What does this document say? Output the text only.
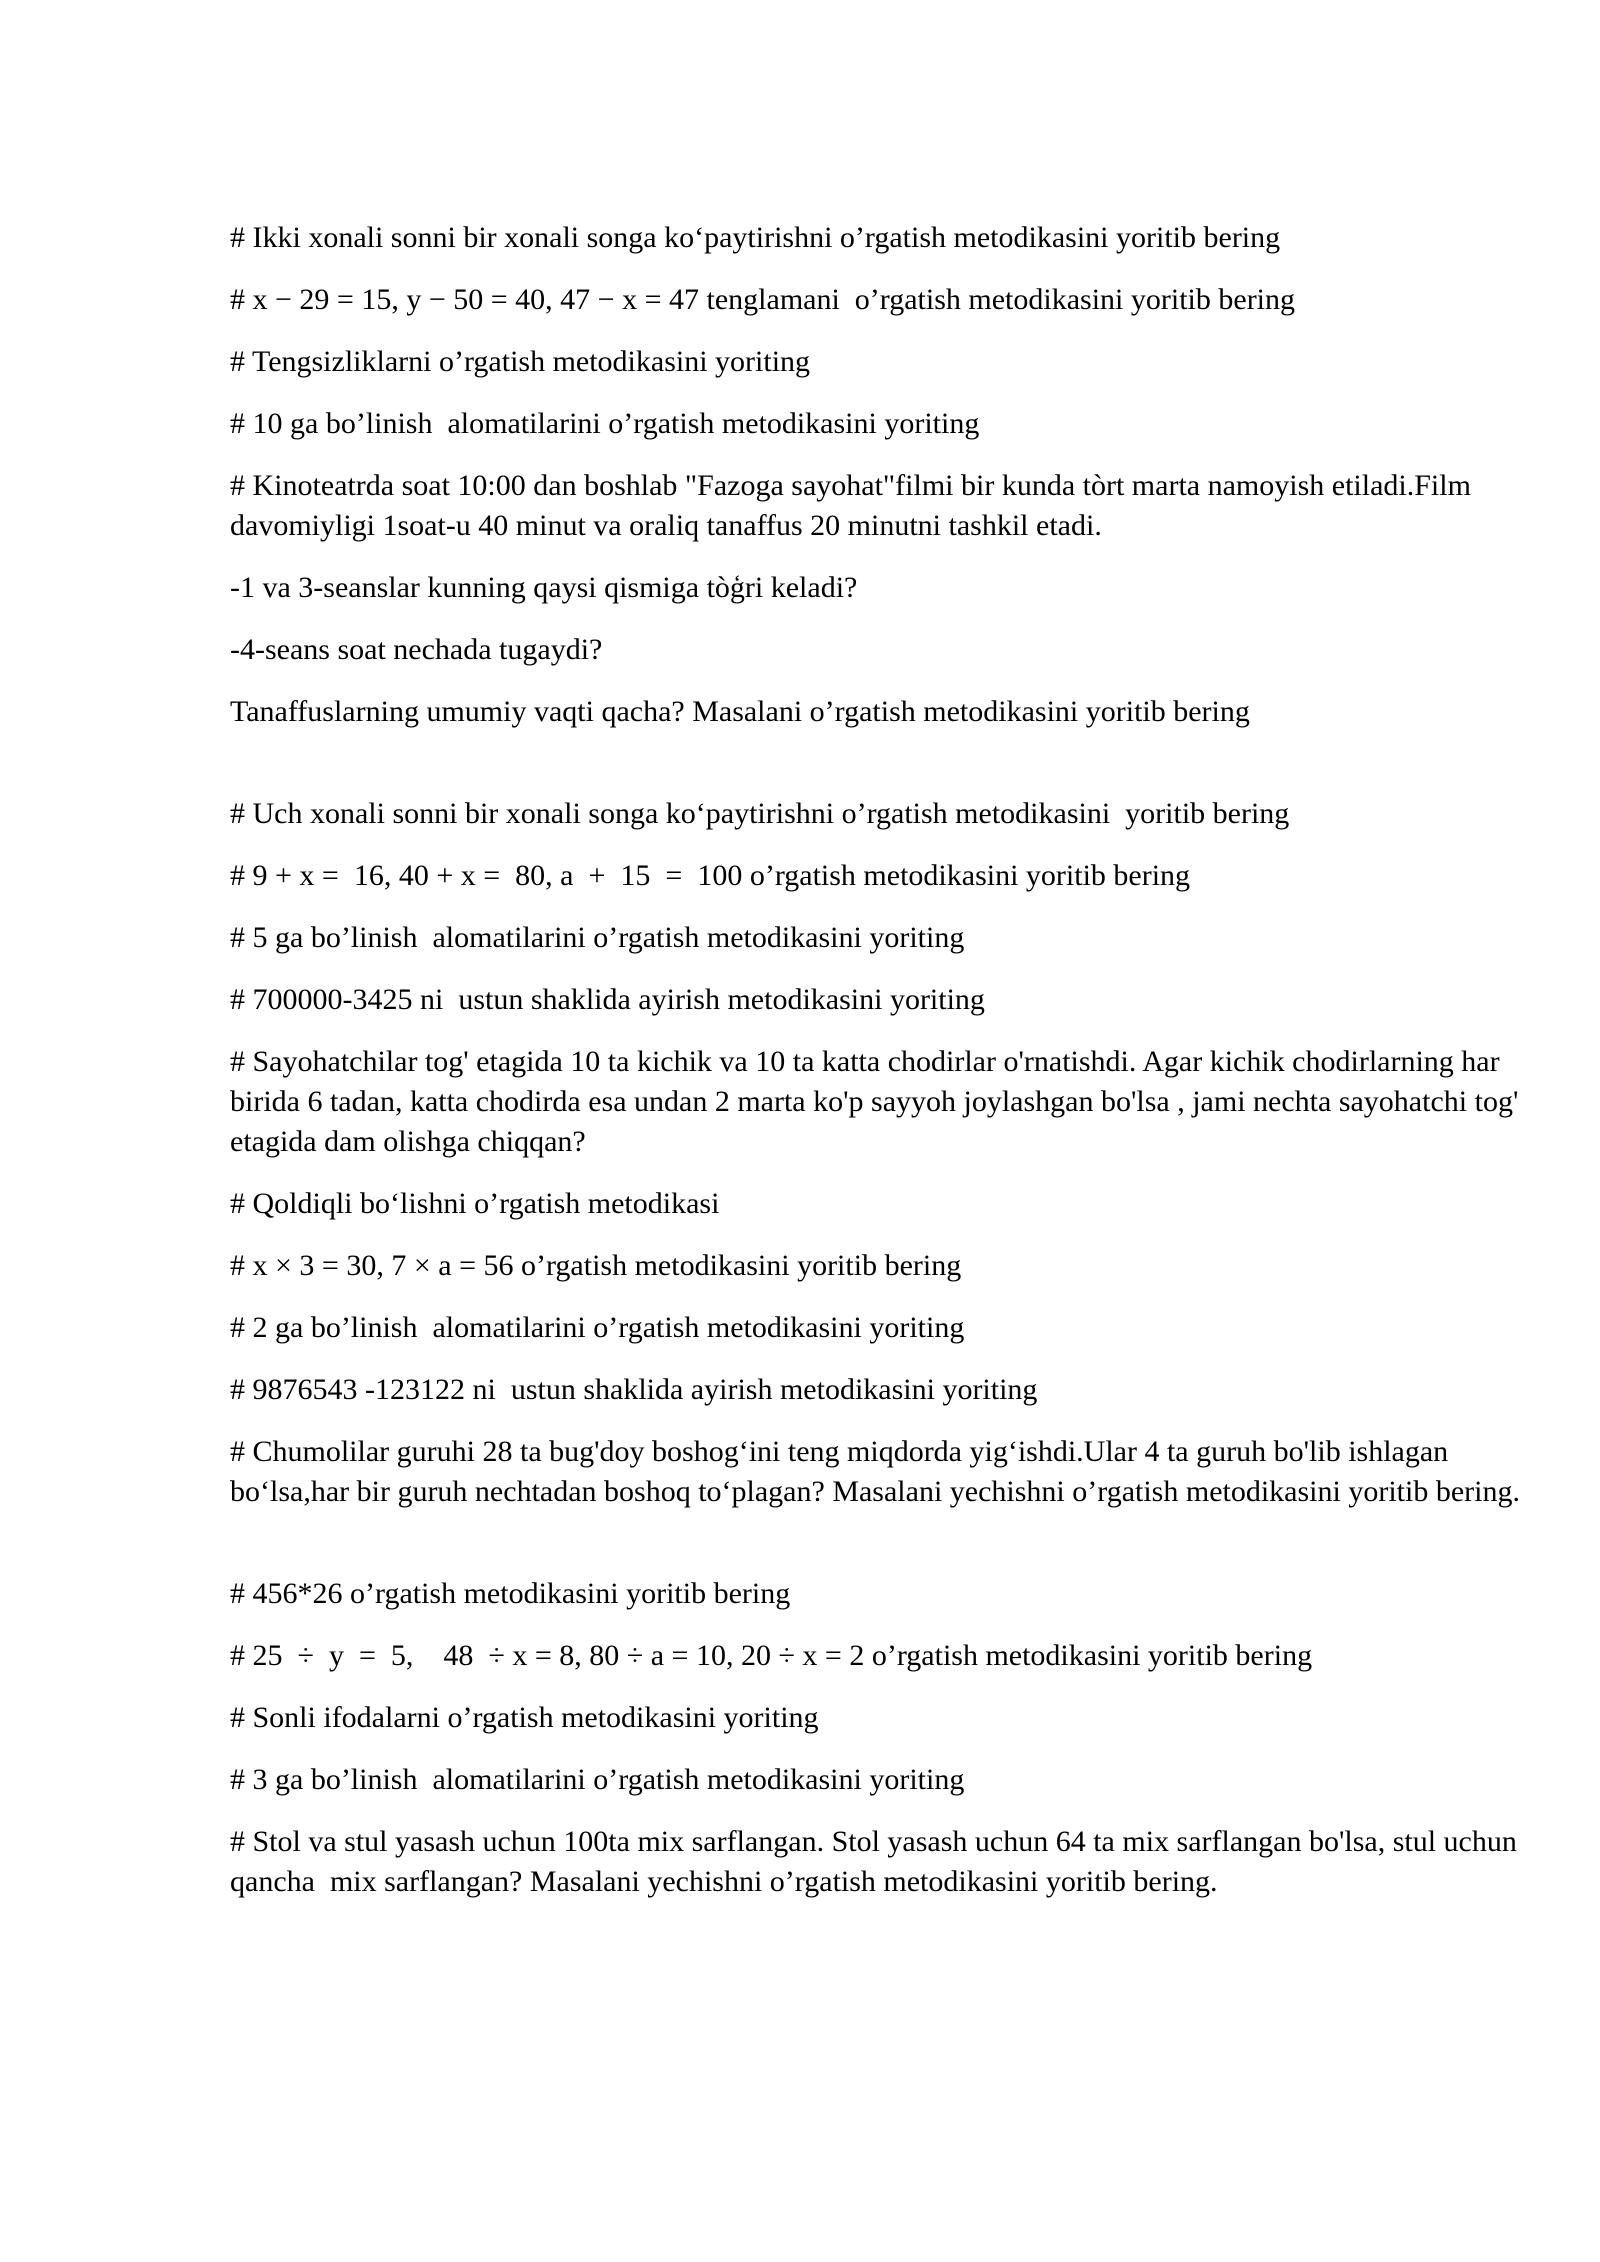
# Ikki xonali sonni bir xonali songa ko‘paytirishni o’rgatish metodikasini yoritib bering

# x − 29 = 15, y − 50 = 40, 47 − x = 47 tenglamani  o’rgatish metodikasini yoritib bering

# Tengsizliklarni o’rgatish metodikasini yoriting

# 10 ga bo’linish  alomatilarini o’rgatish metodikasini yoriting

# Kinoteatrda soat 10:00 dan boshlab "Fazoga sayohat"filmi bir kunda tòrt marta namoyish etiladi.Film davomiyligi 1soat-u 40 minut va oraliq tanaffus 20 minutni tashkil etadi.

-1 va 3-seanslar kunning qaysi qismiga tòģri keladi?

-4-seans soat nechada tugaydi?

Tanaffuslarning umumiy vaqti qacha? Masalani o’rgatish metodikasini yoritib bering

# Uch xonali sonni bir xonali songa ko‘paytirishni o’rgatish metodikasini  yoritib bering

# 9 + x =  16, 40 + x =  80, a  +  15  =  100 o’rgatish metodikasini yoritib bering

# 5 ga bo’linish  alomatilarini o’rgatish metodikasini yoriting

# 700000-3425 ni  ustun shaklida ayirish metodikasini yoriting

# Sayohatchilar tog' etagida 10 ta kichik va 10 ta katta chodirlar o'rnatishdi. Agar kichik chodirlarning har birida 6 tadan, katta chodirda esa undan 2 marta ko'p sayyoh joylashgan bo'lsa , jami nechta sayohatchi tog' etagida dam olishga chiqqan?

# Qoldiqli bo‘lishni o’rgatish metodikasi

# x × 3 = 30, 7 × a = 56 o’rgatish metodikasini yoritib bering

# 2 ga bo’linish  alomatilarini o’rgatish metodikasini yoriting

# 9876543 -123122 ni  ustun shaklida ayirish metodikasini yoriting

# Chumolilar guruhi 28 ta bug'doy boshog‘ini teng miqdorda yig‘ishdi.Ular 4 ta guruh bo'lib ishlagan bo‘lsa,har bir guruh nechtadan boshoq to‘plagan? Masalani yechishni o’rgatish metodikasini yoritib bering.

# 456*26 o’rgatish metodikasini yoritib bering

# 25  ÷  y  =  5,    48  ÷ x = 8, 80 ÷ a = 10, 20 ÷ x = 2 o’rgatish metodikasini yoritib bering

# Sonli ifodalarni o’rgatish metodikasini yoriting

# 3 ga bo’linish  alomatilarini o’rgatish metodikasini yoriting

# Stol va stul yasash uchun 100ta mix sarflangan. Stol yasash uchun 64 ta mix sarflangan bo'lsa, stul uchun qancha  mix sarflangan? Masalani yechishni o’rgatish metodikasini yoritib bering.
